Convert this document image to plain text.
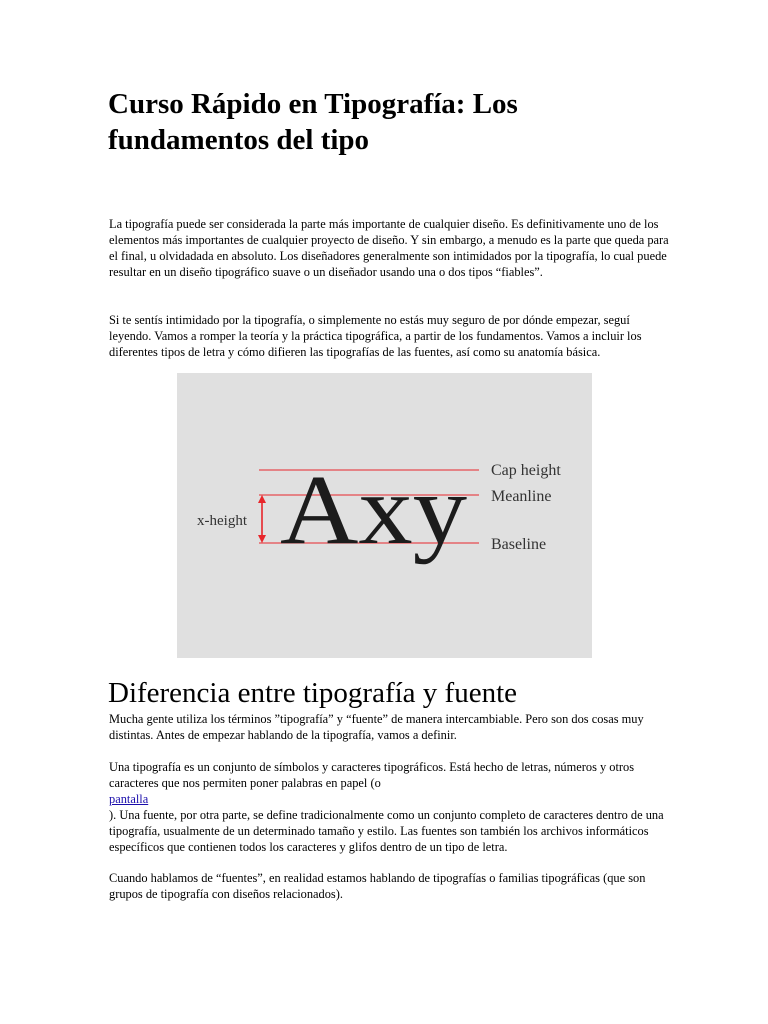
Curso Rápido en Tipografía: Los fundamentos del tipo

La tipografía puede ser considerada la parte más importante de cualquier diseño. Es definitivamente uno de los elementos más importantes de cualquier proyecto de diseño. Y sin embargo, a menudo es la parte que queda para el final, u olvidadada en absoluto. Los diseñadores generalmente son intimidados por la tipografía, lo cual puede resultar en un diseño tipográfico suave o un diseñador usando una o dos tipos “fiables”.

Si te sentís intimidado por la tipografía, o simplemente no estás muy seguro de por dónde empezar, seguí leyendo. Vamos a romper la teoría y la práctica tipográfica, a partir de los fundamentos. Vamos a incluir los diferentes tipos de letra y cómo difieren las tipografías de las fuentes, así como su anatomía básica.

Axy
x-height
Cap height
Meanline
Baseline
Diferencia entre tipografía y fuente

Mucha gente utiliza los términos ”tipografía” y “fuente” de manera intercambiable. Pero son dos cosas muy distintas. Antes de empezar hablando de la tipografía, vamos a definir.

Una tipografía es un conjunto de símbolos y caracteres tipográficos. Está hecho de letras, números y otros caracteres que nos permiten poner palabras en papel (o
pantalla
). Una fuente, por otra parte, se define tradicionalmente como un conjunto completo de caracteres dentro de una tipografía, usualmente de un determinado tamaño y estilo. Las fuentes son también los archivos informáticos específicos que contienen todos los caracteres y glifos dentro de un tipo de letra.

Cuando hablamos de “fuentes”, en realidad estamos hablando de tipografías o familias tipográficas (que son grupos de tipografía con diseños relacionados).
